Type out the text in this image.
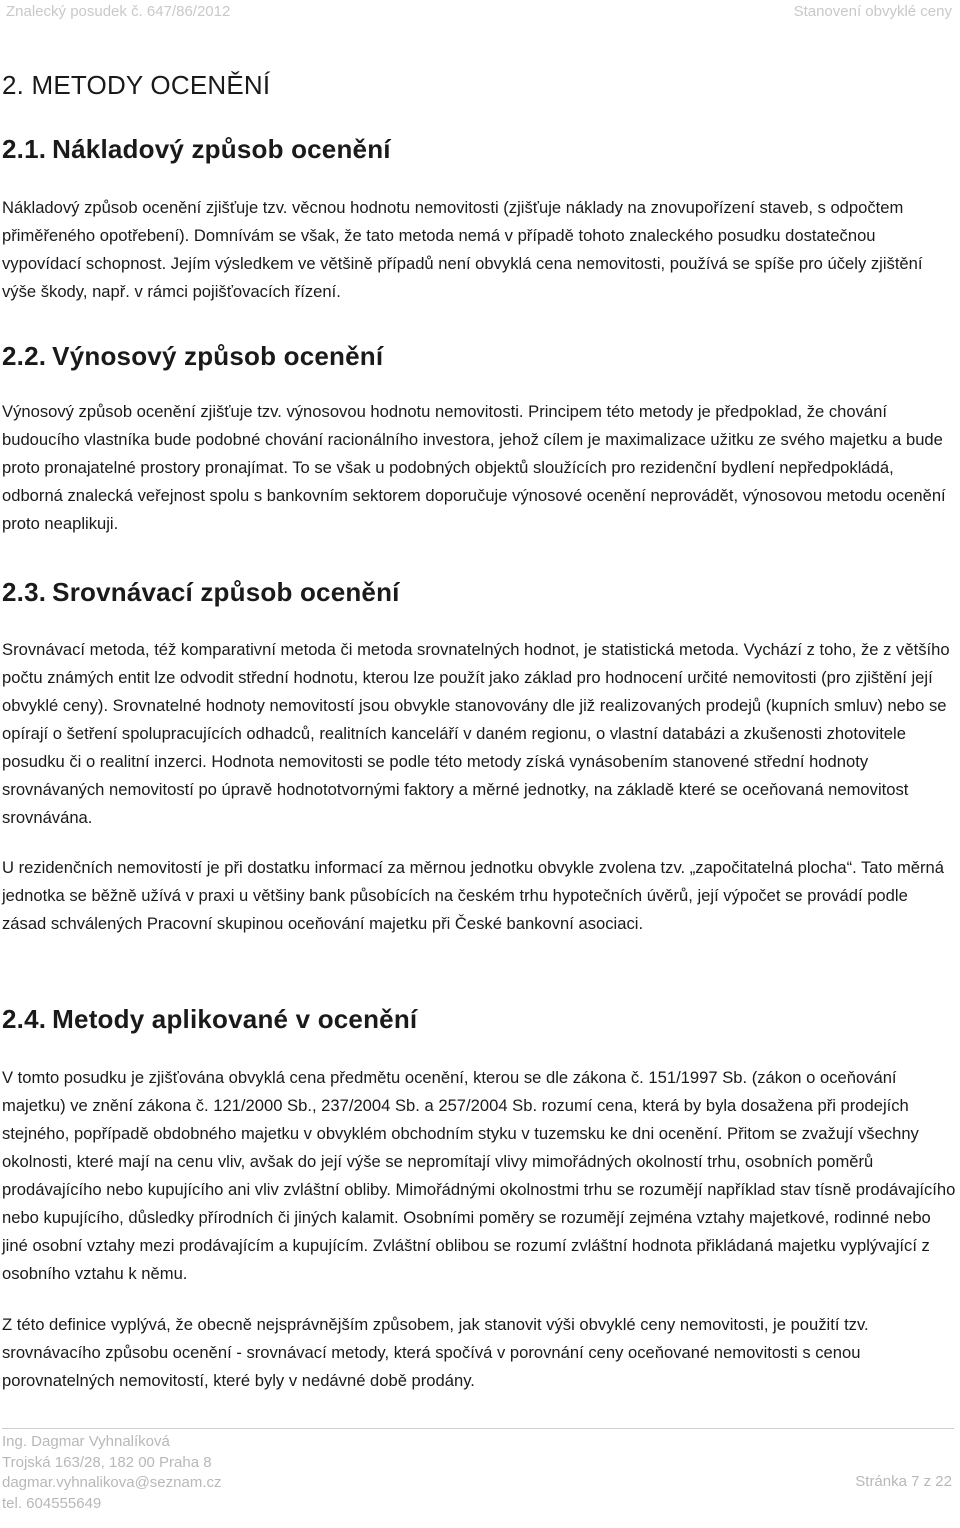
Znalecký posudek č. 647/86/2012	Stanovení obvyklé ceny
2. METODY OCENĚNÍ
2.1. Nákladový způsob ocenění

Nákladový způsob ocenění zjišťuje tzv. věcnou hodnotu nemovitosti (zjišťuje náklady na znovupořízení staveb, s odpočtem přiměřeného opotřebení). Domnívám se však, že tato metoda nemá v případě tohoto znaleckého posudku dostatečnou vypovídací schopnost. Jejím výsledkem ve většině případů není obvyklá cena nemovitosti, používá se spíše pro účely zjištění výše škody, např. v rámci pojišťovacích řízení.

2.2. Výnosový způsob ocenění

Výnosový způsob ocenění zjišťuje tzv. výnosovou hodnotu nemovitosti. Principem této metody je předpoklad, že chování budoucího vlastníka bude podobné chování racionálního investora, jehož cílem je maximalizace užitku ze svého majetku a bude proto pronajatelné prostory pronajímat. To se však u podobných objektů sloužících pro rezidenční bydlení nepředpokládá, odborná znalecká veřejnost spolu s bankovním sektorem doporučuje výnosové ocenění neprovádět, výnosovou metodu ocenění proto neaplikuji.

2.3. Srovnávací způsob ocenění

Srovnávací metoda, též komparativní metoda či metoda srovnatelných hodnot, je statistická metoda. Vychází z toho, že z většího počtu známých entit lze odvodit střední hodnotu, kterou lze použít jako základ pro hodnocení určité nemovitosti (pro zjištění její obvyklé ceny). Srovnatelné hodnoty nemovitostí jsou obvykle stanovovány dle již realizovaných prodejů (kupních smluv) nebo se opírají o šetření spolupracujících odhadců, realitních kanceláří v daném regionu, o vlastní databázi a zkušenosti zhotovitele posudku či o realitní inzerci. Hodnota nemovitosti se podle této metody získá vynásobením stanovené střední hodnoty srovnávaných nemovitostí po úpravě hodnototvornými faktory a měrné jednotky, na základě které se oceňovaná nemovitost srovnávána.

U rezidenčních nemovitostí je při dostatku informací za měrnou jednotku obvykle zvolena tzv. „započitatelná plocha“. Tato měrná jednotka se běžně užívá v praxi u většiny bank působících na českém trhu hypotečních úvěrů, její výpočet se provádí podle zásad schválených Pracovní skupinou oceňování majetku při České bankovní asociaci.

2.4. Metody aplikované v ocenění

V tomto posudku je zjišťována obvyklá cena předmětu ocenění, kterou se dle zákona č. 151/1997 Sb. (zákon o oceňování majetku) ve znění zákona č. 121/2000 Sb., 237/2004 Sb. a 257/2004 Sb. rozumí cena, která by byla dosažena při prodejích stejného, popřípadě obdobného majetku v obvyklém obchodním styku v tuzemsku ke dni ocenění. Přitom se zvažují všechny okolnosti, které mají na cenu vliv, avšak do její výše se nepromítají vlivy mimořádných okolností trhu, osobních poměrů prodávajícího nebo kupujícího ani vliv zvláštní obliby. Mimořádnými okolnostmi trhu se rozumějí například stav tísně prodávajícího nebo kupujícího, důsledky přírodních či jiných kalamit. Osobními poměry se rozumějí zejména vztahy majetkové, rodinné nebo jiné osobní vztahy mezi prodávajícím a kupujícím. Zvláštní oblibou se rozumí zvláštní hodnota přikládaná majetku vyplývající z osobního vztahu k němu.

Z této definice vyplývá, že obecně nejsprávnějším způsobem, jak stanovit výši obvyklé ceny nemovitosti, je použití tzv. srovnávacího způsobu ocenění - srovnávací metody, která spočívá v porovnání ceny oceňované nemovitosti s cenou porovnatelných nemovitostí, které byly v nedávné době prodány.

Ing. Dagmar Vyhnalíková
Trojská 163/28, 182 00 Praha 8
dagmar.vyhnalikova@seznam.cz
tel. 604555649
Stránka 7 z 22
